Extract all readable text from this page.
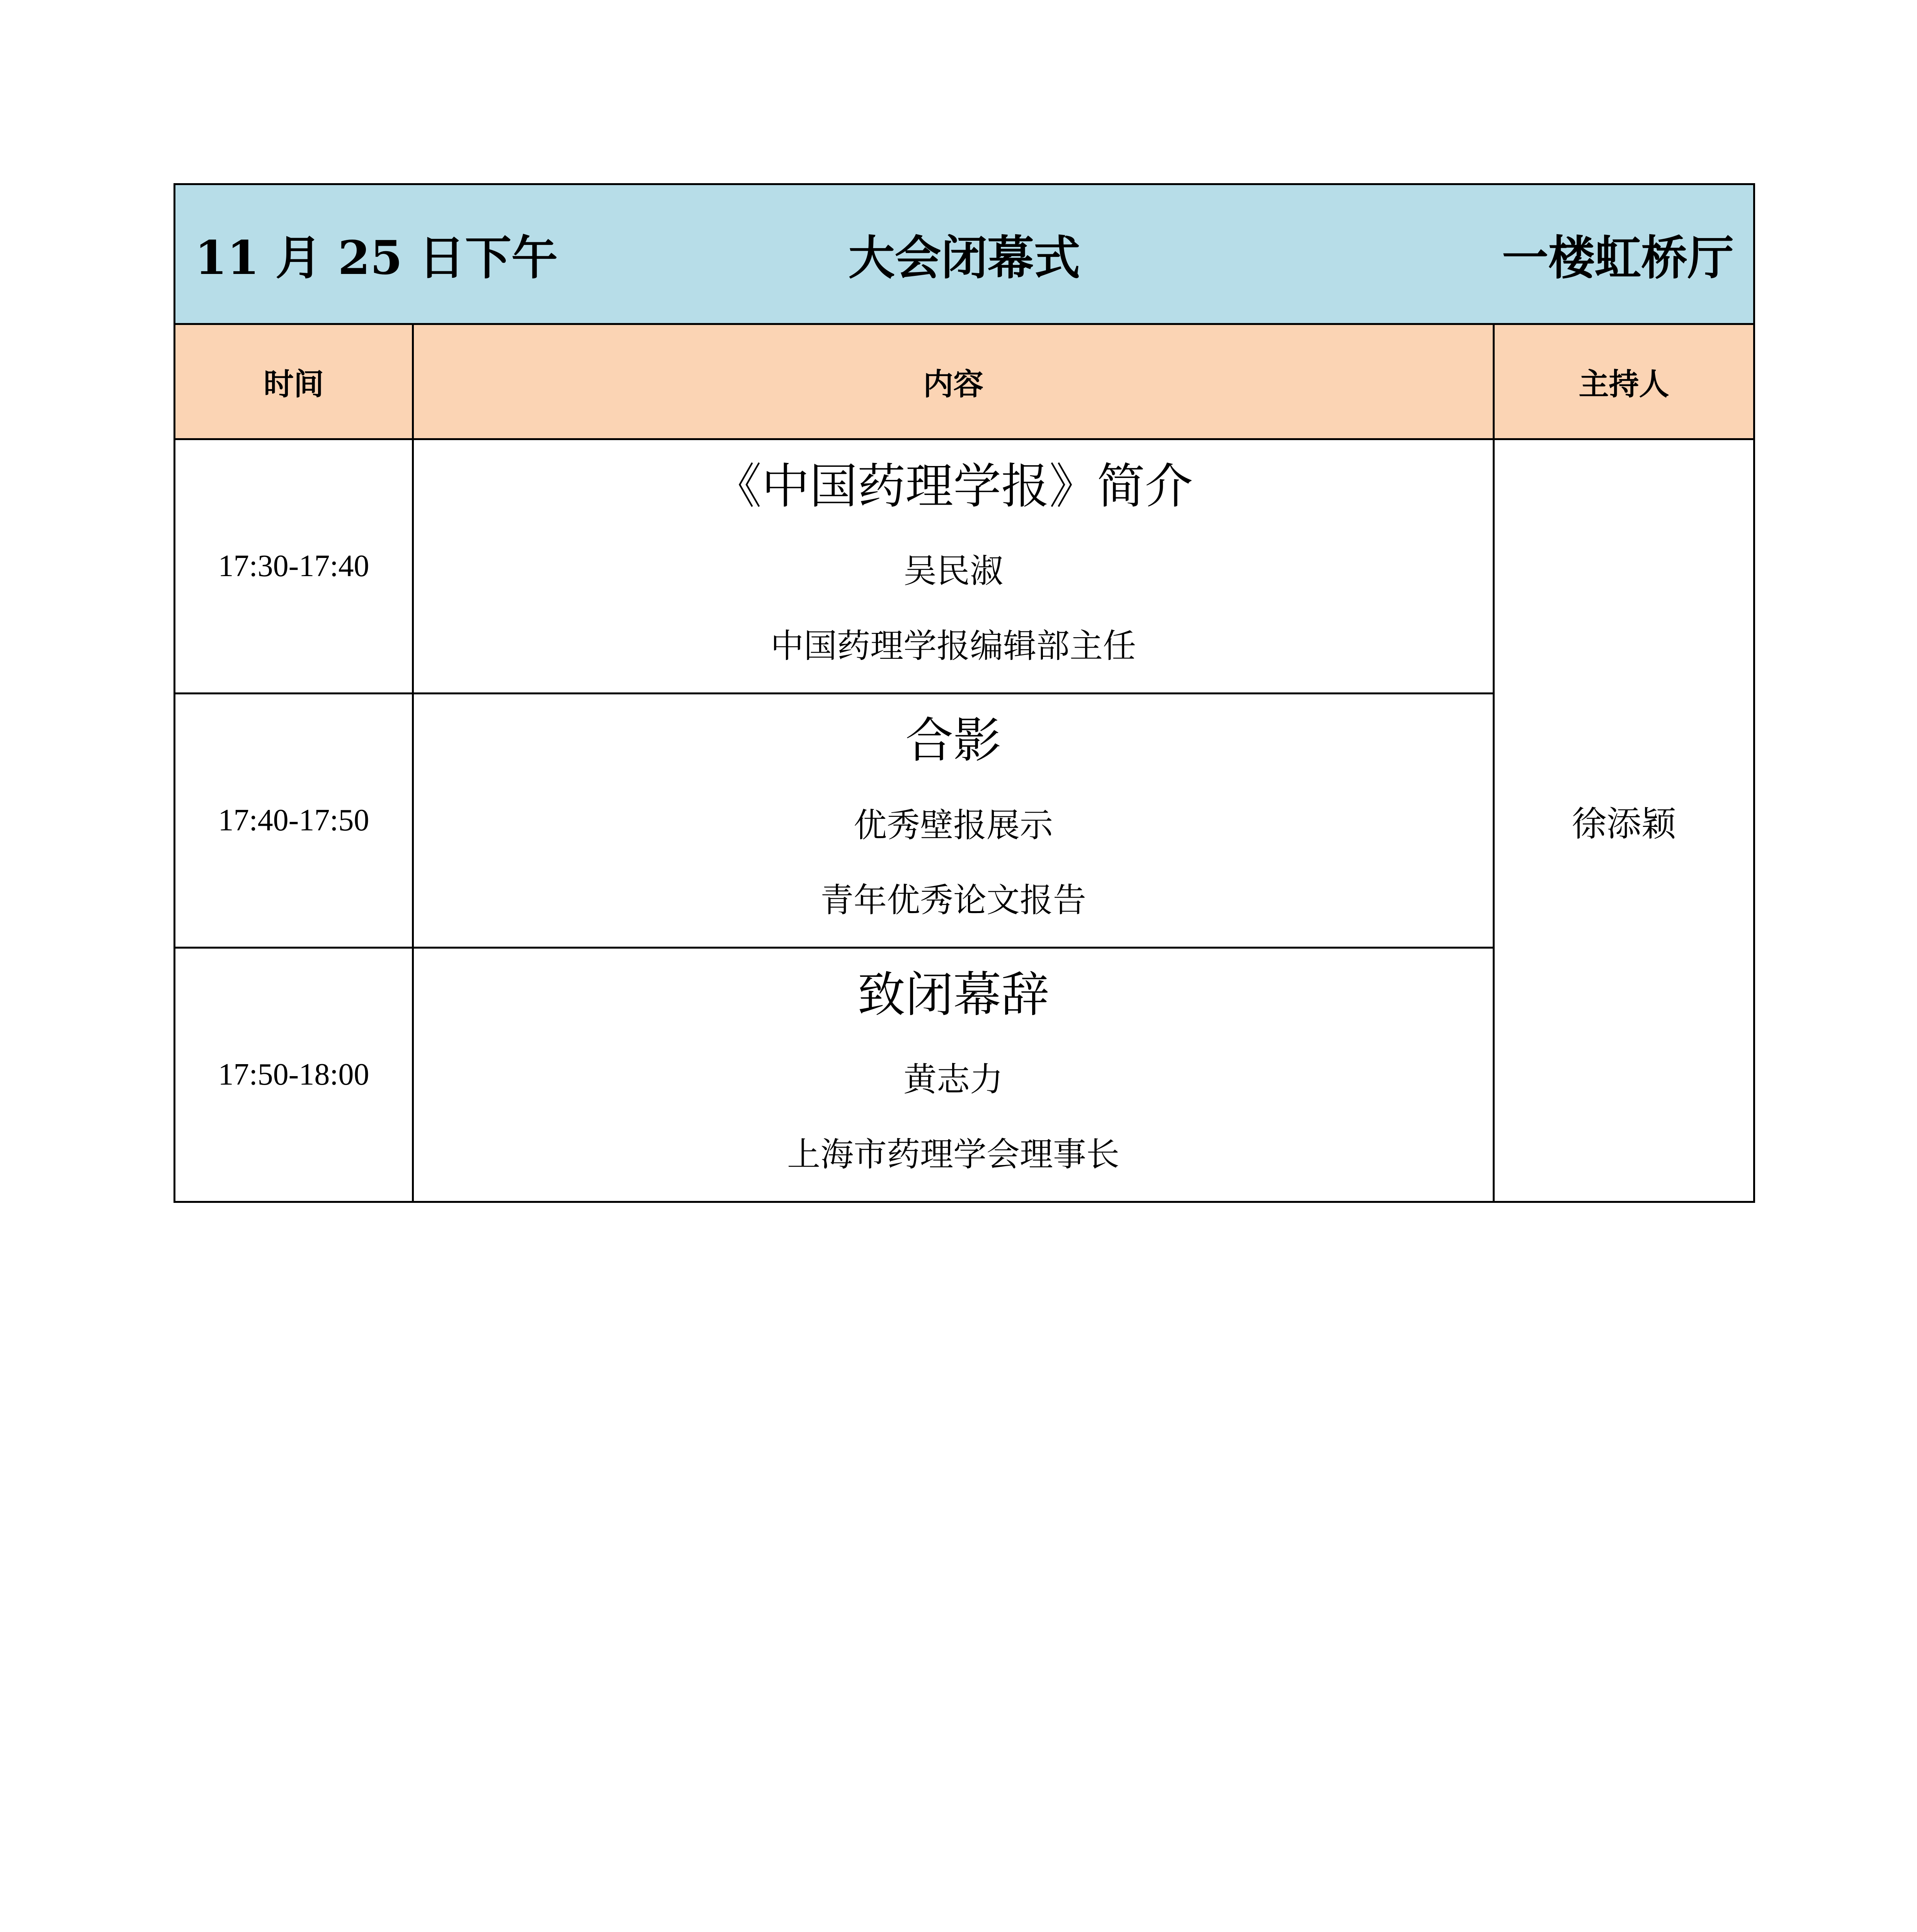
11 月 25 日下午 大会闭幕式 一楼虹桥厅		

时间	内容	主持人
17:30-17:40	《中国药理学报》简介
吴民淑
中国药理学报编辑部主任	徐添颖
17:40-17:50	合影
优秀壁报展示
青年优秀论文报告	

17:50-18:00	致闭幕辞
黄志力
上海市药理学会理事长	
